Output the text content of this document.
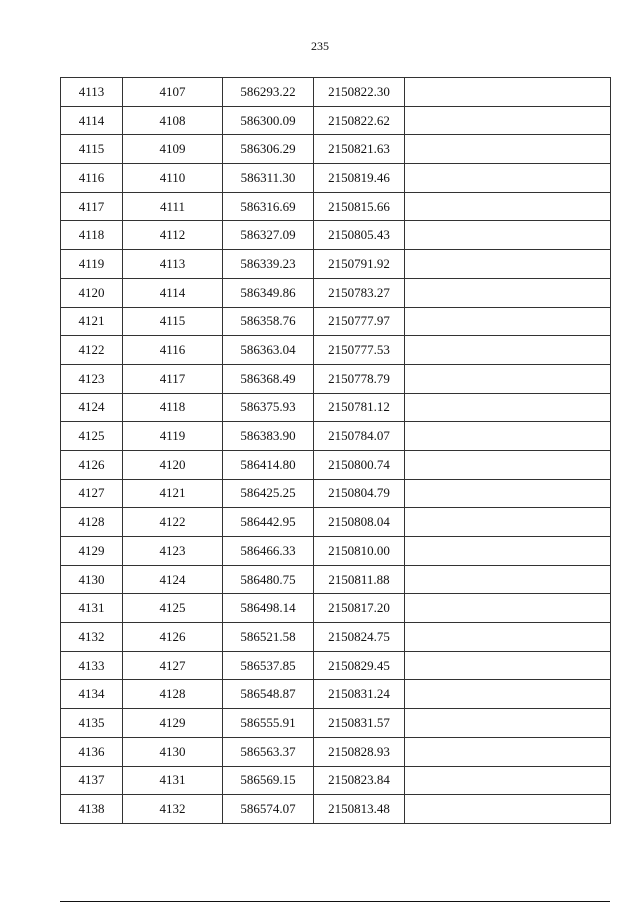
235
4113	4107	586293.22	2150822.30	
4114	4108	586300.09	2150822.62	
4115	4109	586306.29	2150821.63	
4116	4110	586311.30	2150819.46	
4117	4111	586316.69	2150815.66	
4118	4112	586327.09	2150805.43	
4119	4113	586339.23	2150791.92	
4120	4114	586349.86	2150783.27	
4121	4115	586358.76	2150777.97	
4122	4116	586363.04	2150777.53	
4123	4117	586368.49	2150778.79	
4124	4118	586375.93	2150781.12	
4125	4119	586383.90	2150784.07	
4126	4120	586414.80	2150800.74	
4127	4121	586425.25	2150804.79	
4128	4122	586442.95	2150808.04	
4129	4123	586466.33	2150810.00	
4130	4124	586480.75	2150811.88	
4131	4125	586498.14	2150817.20	
4132	4126	586521.58	2150824.75	
4133	4127	586537.85	2150829.45	
4134	4128	586548.87	2150831.24	
4135	4129	586555.91	2150831.57	
4136	4130	586563.37	2150828.93	
4137	4131	586569.15	2150823.84	
4138	4132	586574.07	2150813.48	
